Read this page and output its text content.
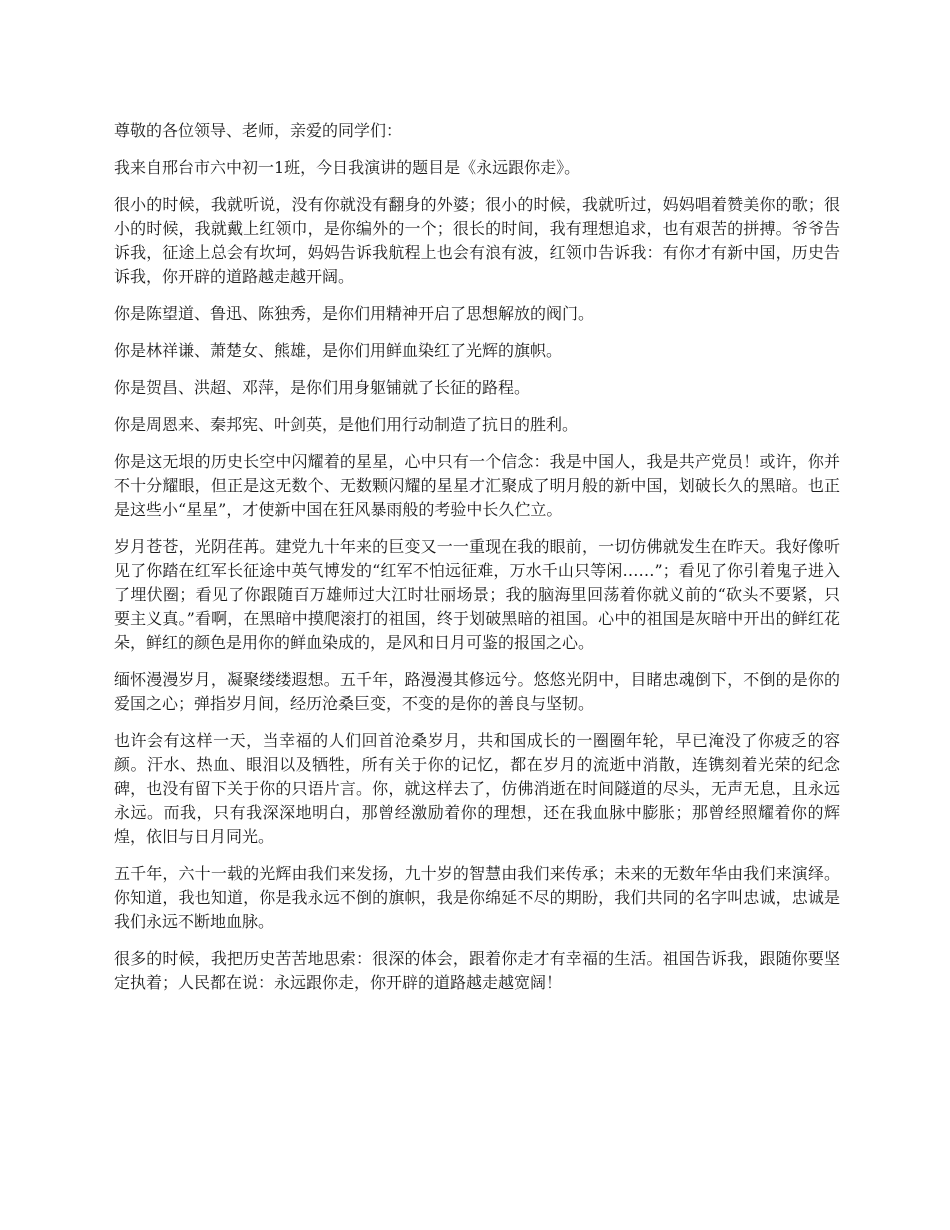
尊敬的各位领导、老师，亲爱的同学们：

我来自邢台市六中初一1班，今日我演讲的题目是《永远跟你走》。

很小的时候，我就听说，没有你就没有翻身的外婆；很小的时候，我就听过，妈妈唱着赞美你的歌；很小的时候，我就戴上红领巾，是你编外的一个；很长的时间，我有理想追求，也有艰苦的拼搏。爷爷告诉我，征途上总会有坎坷，妈妈告诉我航程上也会有浪有波，红领巾告诉我：有你才有新中国，历史告诉我，你开辟的道路越走越开阔。

你是陈望道、鲁迅、陈独秀，是你们用精神开启了思想解放的阀门。

你是林祥谦、萧楚女、熊雄，是你们用鲜血染红了光辉的旗帜。

你是贺昌、洪超、邓萍，是你们用身躯铺就了长征的路程。

你是周恩来、秦邦宪、叶剑英，是他们用行动制造了抗日的胜利。

你是这无垠的历史长空中闪耀着的星星，心中只有一个信念：我是中国人，我是共产党员！或许，你并不十分耀眼，但正是这无数个、无数颗闪耀的星星才汇聚成了明月般的新中国，划破长久的黑暗。也正是这些小“星星”，才使新中国在狂风暴雨般的考验中长久伫立。

岁月苍苍，光阴荏苒。建党九十年来的巨变又一一重现在我的眼前，一切仿佛就发生在昨天。我好像听见了你踏在红军长征途中英气博发的“红军不怕远征难，万水千山只等闲……”；看见了你引着鬼子进入了埋伏圈；看见了你跟随百万雄师过大江时壮丽场景；我的脑海里回荡着你就义前的“砍头不要紧，只要主义真。”看啊，在黑暗中摸爬滚打的祖国，终于划破黑暗的祖国。心中的祖国是灰暗中开出的鲜红花朵，鲜红的颜色是用你的鲜血染成的，是风和日月可鉴的报国之心。

缅怀漫漫岁月，凝聚缕缕遐想。五千年，路漫漫其修远兮。悠悠光阴中，目睹忠魂倒下，不倒的是你的爱国之心；弹指岁月间，经历沧桑巨变，不变的是你的善良与坚韧。

也许会有这样一天，当幸福的人们回首沧桑岁月，共和国成长的一圈圈年轮，早已淹没了你疲乏的容颜。汗水、热血、眼泪以及牺牲，所有关于你的记忆，都在岁月的流逝中消散，连镌刻着光荣的纪念碑，也没有留下关于你的只语片言。你，就这样去了，仿佛消逝在时间隧道的尽头，无声无息，且永远永远。而我，只有我深深地明白，那曾经激励着你的理想，还在我血脉中膨胀；那曾经照耀着你的辉煌，依旧与日月同光。

五千年，六十一载的光辉由我们来发扬，九十岁的智慧由我们来传承；未来的无数年华由我们来演绎。你知道，我也知道，你是我永远不倒的旗帜，我是你绵延不尽的期盼，我们共同的名字叫忠诚，忠诚是我们永远不断地血脉。

很多的时候，我把历史苦苦地思索：很深的体会，跟着你走才有幸福的生活。祖国告诉我，跟随你要坚定执着；人民都在说：永远跟你走，你开辟的道路越走越宽阔！
